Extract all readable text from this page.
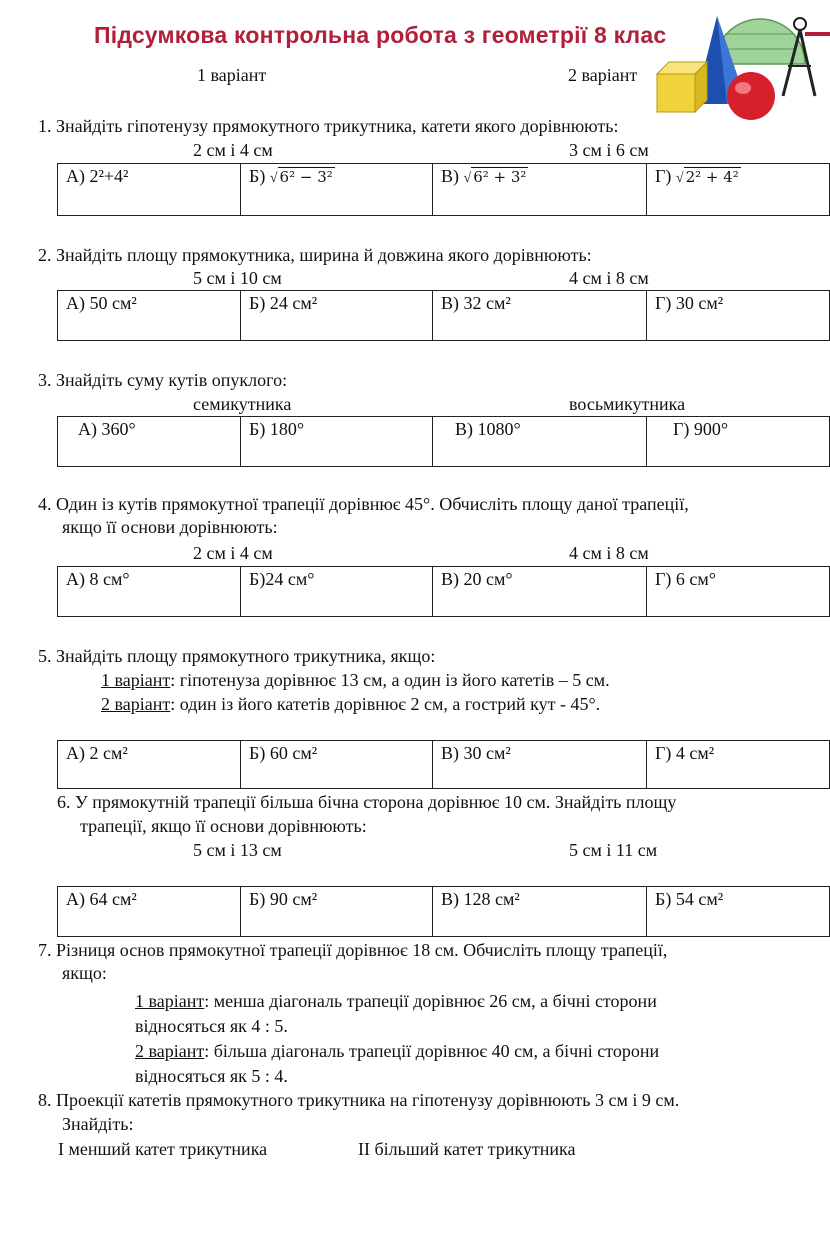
Підсумкова контрольна робота з геометрії 8 клас
1 варіант	2 варіант
1. Знайдіть гіпотенузу прямокутного трикутника, катети якого дорівнюють:
2 см і 4 см	3 см і 6 см
А) 2²+4²	Б) √ 6² − 3²	В) √ 6² + 3²	Г) √ 2² + 4²
2. Знайдіть площу прямокутника, ширина й довжина якого дорівнюють:
5 см і 10 см	4 см і 8 см
А) 50 см²	Б) 24 см²	В) 32 см²	Г) 30 см²
3. Знайдіть суму кутів опуклого:
семикутника	восьмикутника
А) 360°	Б) 180°	В) 1080°	Г) 900°
4. Один із кутів прямокутної трапеції дорівнює 45°. Обчисліть площу даної трапеції,
якщо її основи дорівнюють:
2 см і 4 см	4 см і 8 см
А) 8 см°	Б)24 см°	В) 20 см°	Г) 6 см°
5. Знайдіть площу прямокутного трикутника, якщо:
1 варіант: гіпотенуза дорівнює 13 см, а один із його катетів – 5 см.
2 варіант: один із його катетів дорівнює 2 см, а гострий кут - 45°.
А) 2 см²	Б) 60 см²	В) 30 см²	Г) 4 см²
6. У прямокутній трапеції більша бічна сторона дорівнює 10 см. Знайдіть площу
трапеції, якщо її основи дорівнюють:
5 см і 13 см	5 см і 11 см
А) 64 см²	Б) 90 см²	В) 128 см²	Б) 54 см²
7. Різниця основ прямокутної трапеції дорівнює 18 см. Обчисліть площу трапеції,
якщо:
1 варіант: менша діагональ трапеції дорівнює 26 см, а бічні сторони
відносяться як 4 : 5.
2 варіант: більша діагональ трапеції дорівнює 40 см, а бічні сторони
відносяться як 5 : 4.
8. Проекції катетів прямокутного трикутника на гіпотенузу дорівнюють 3 см і 9 см.
Знайдіть:
І менший катет трикутника	ІІ більший катет трикутника
